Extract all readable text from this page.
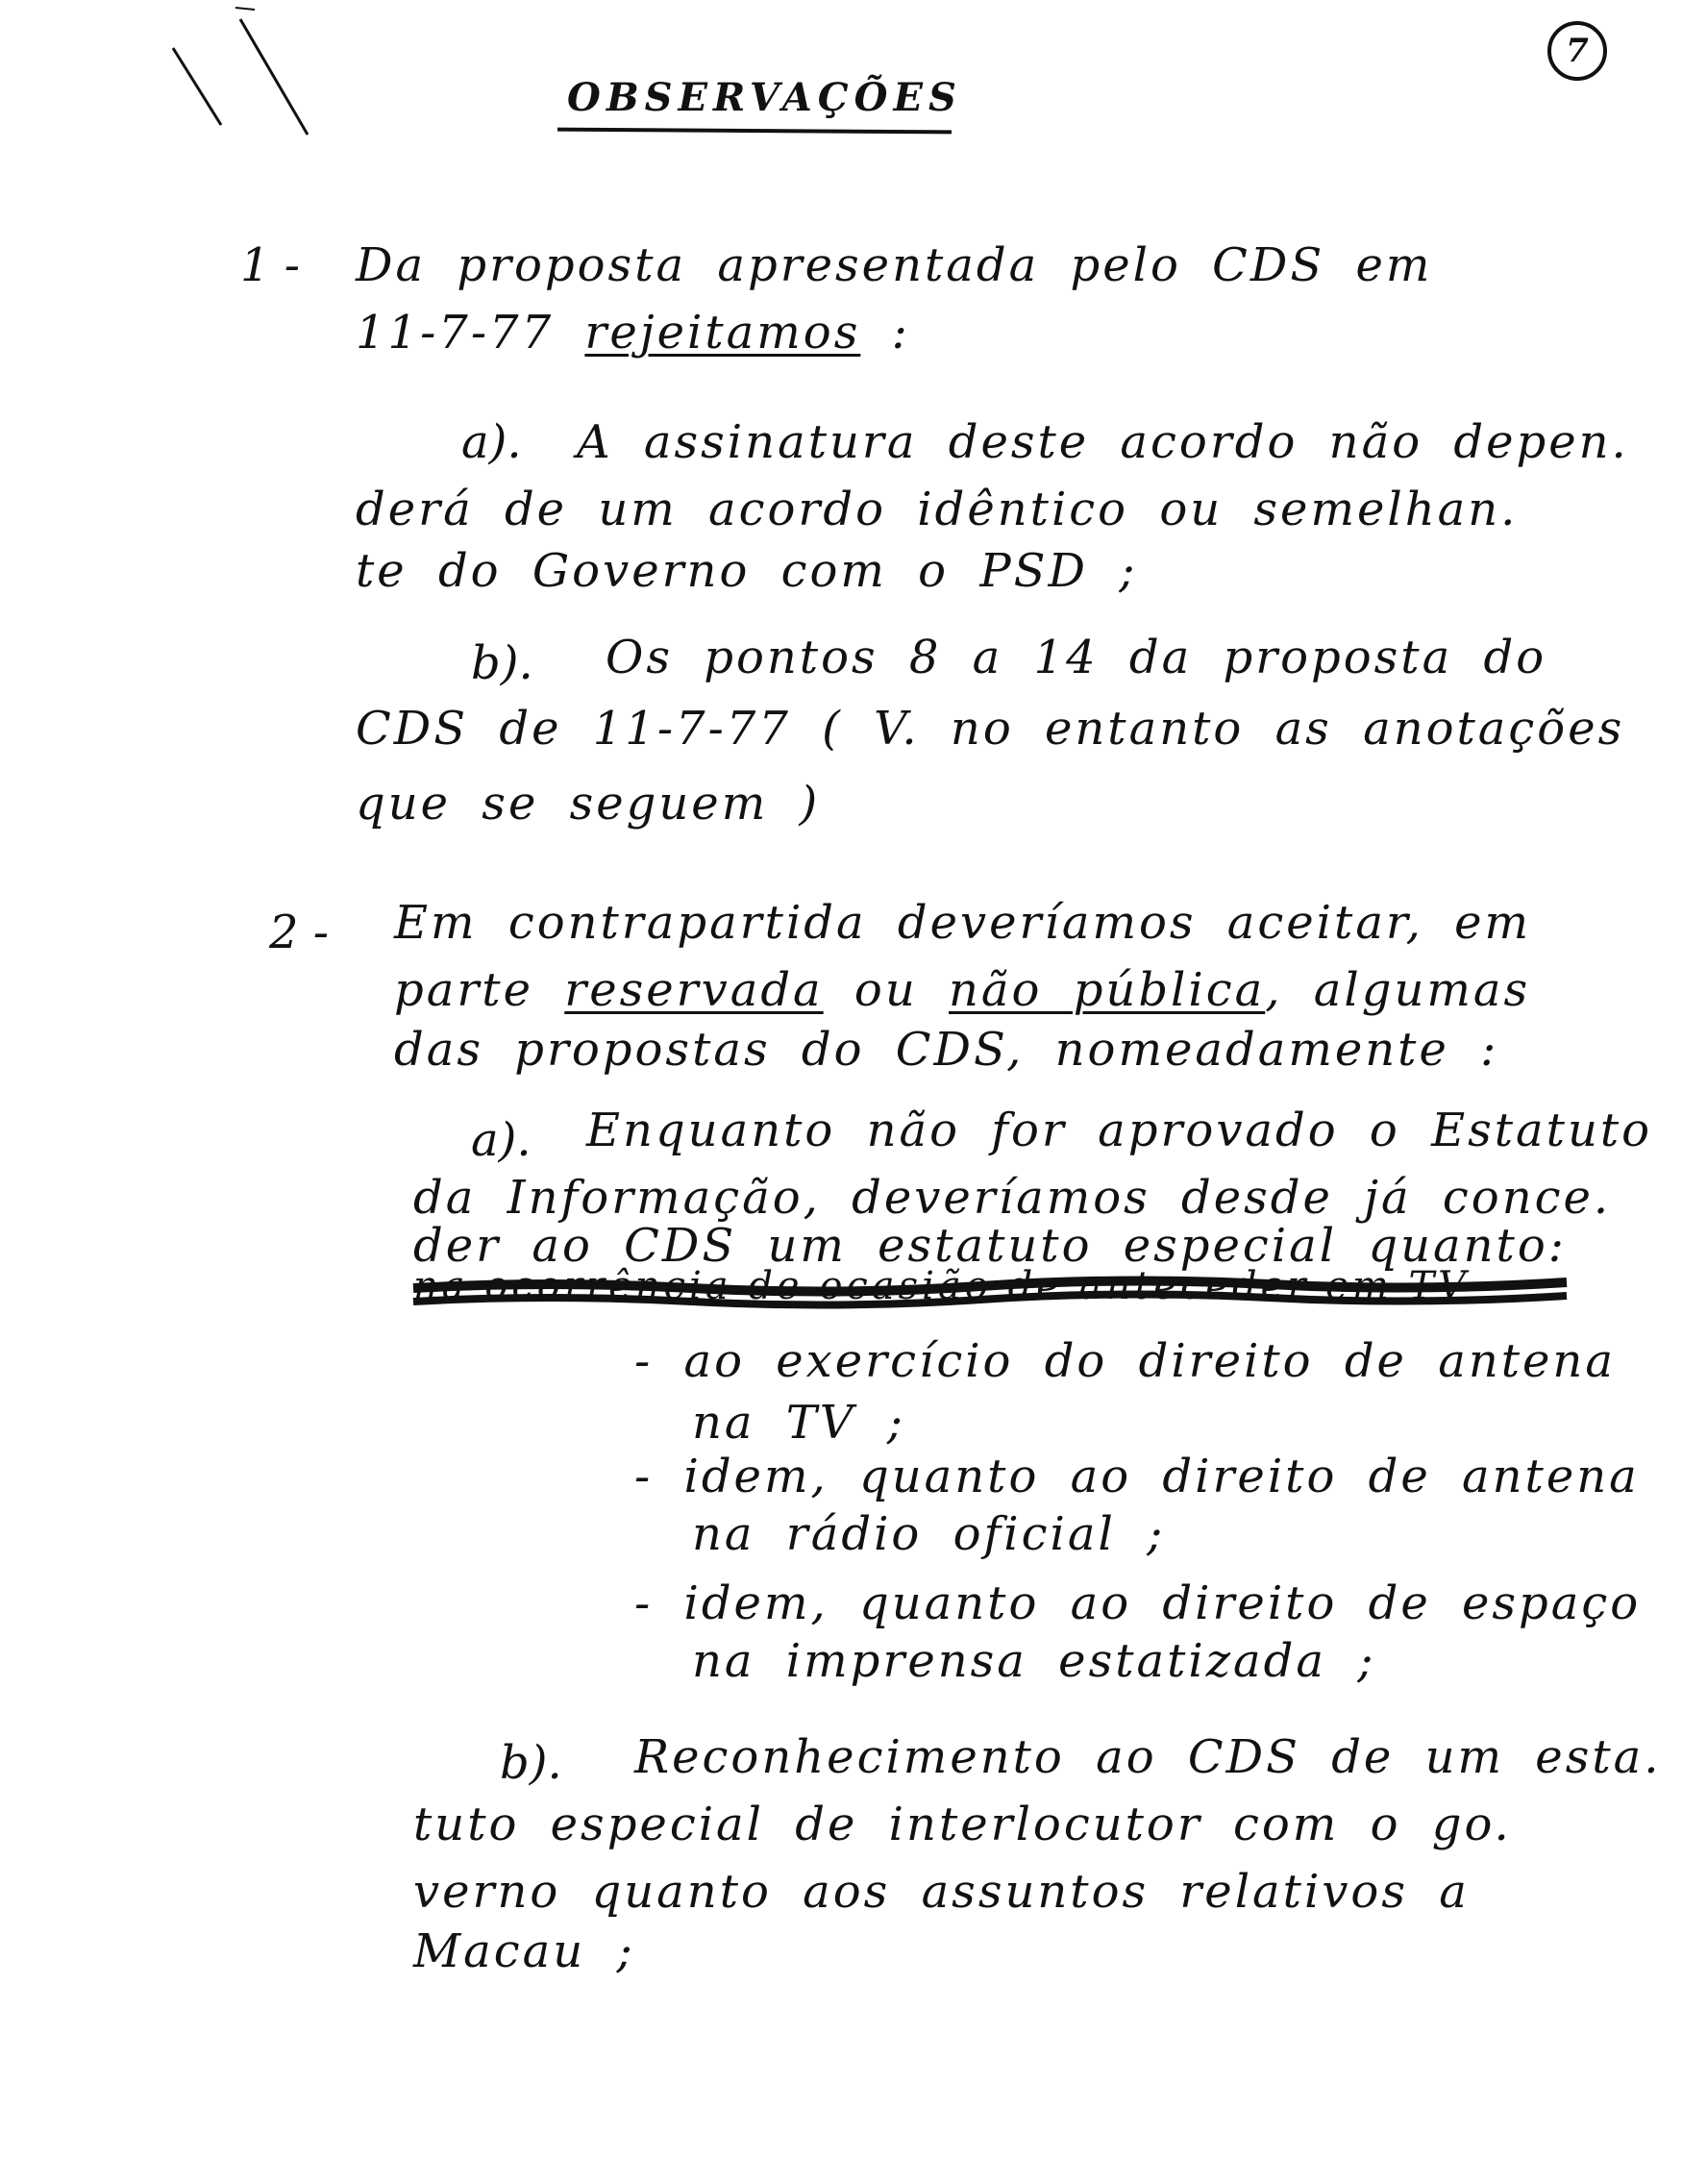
7
OBSERVAÇÕES
1 - Da proposta apresentada pelo CDS em
11-7-77 rejeitamos :
a). A assinatura deste acordo não depen.
derá de um acordo idêntico ou semelhan.
te do Governo com o PSD ;
b). Os pontos 8 a 14 da proposta do
CDS de 11-7-77 ( V. no entanto as anotações
que se seguem )
2 - Em contrapartida deveríamos aceitar, em
parte reservada ou não pública, algumas
das propostas do CDS, nomeadamente :
a). Enquanto não for aprovado o Estatuto
da Informação, deveríamos desde já conce.
der ao CDS um estatuto especial quanto:
na ocorrência de ocasião de anteceder em TV
- ao exercício do direito de antena
na TV ;
- idem, quanto ao direito de antena
na rádio oficial ;
- idem, quanto ao direito de espaço
na imprensa estatizada ;
b). Reconhecimento ao CDS de um esta.
tuto especial de interlocutor com o go.
verno quanto aos assuntos relativos a
Macau ;
